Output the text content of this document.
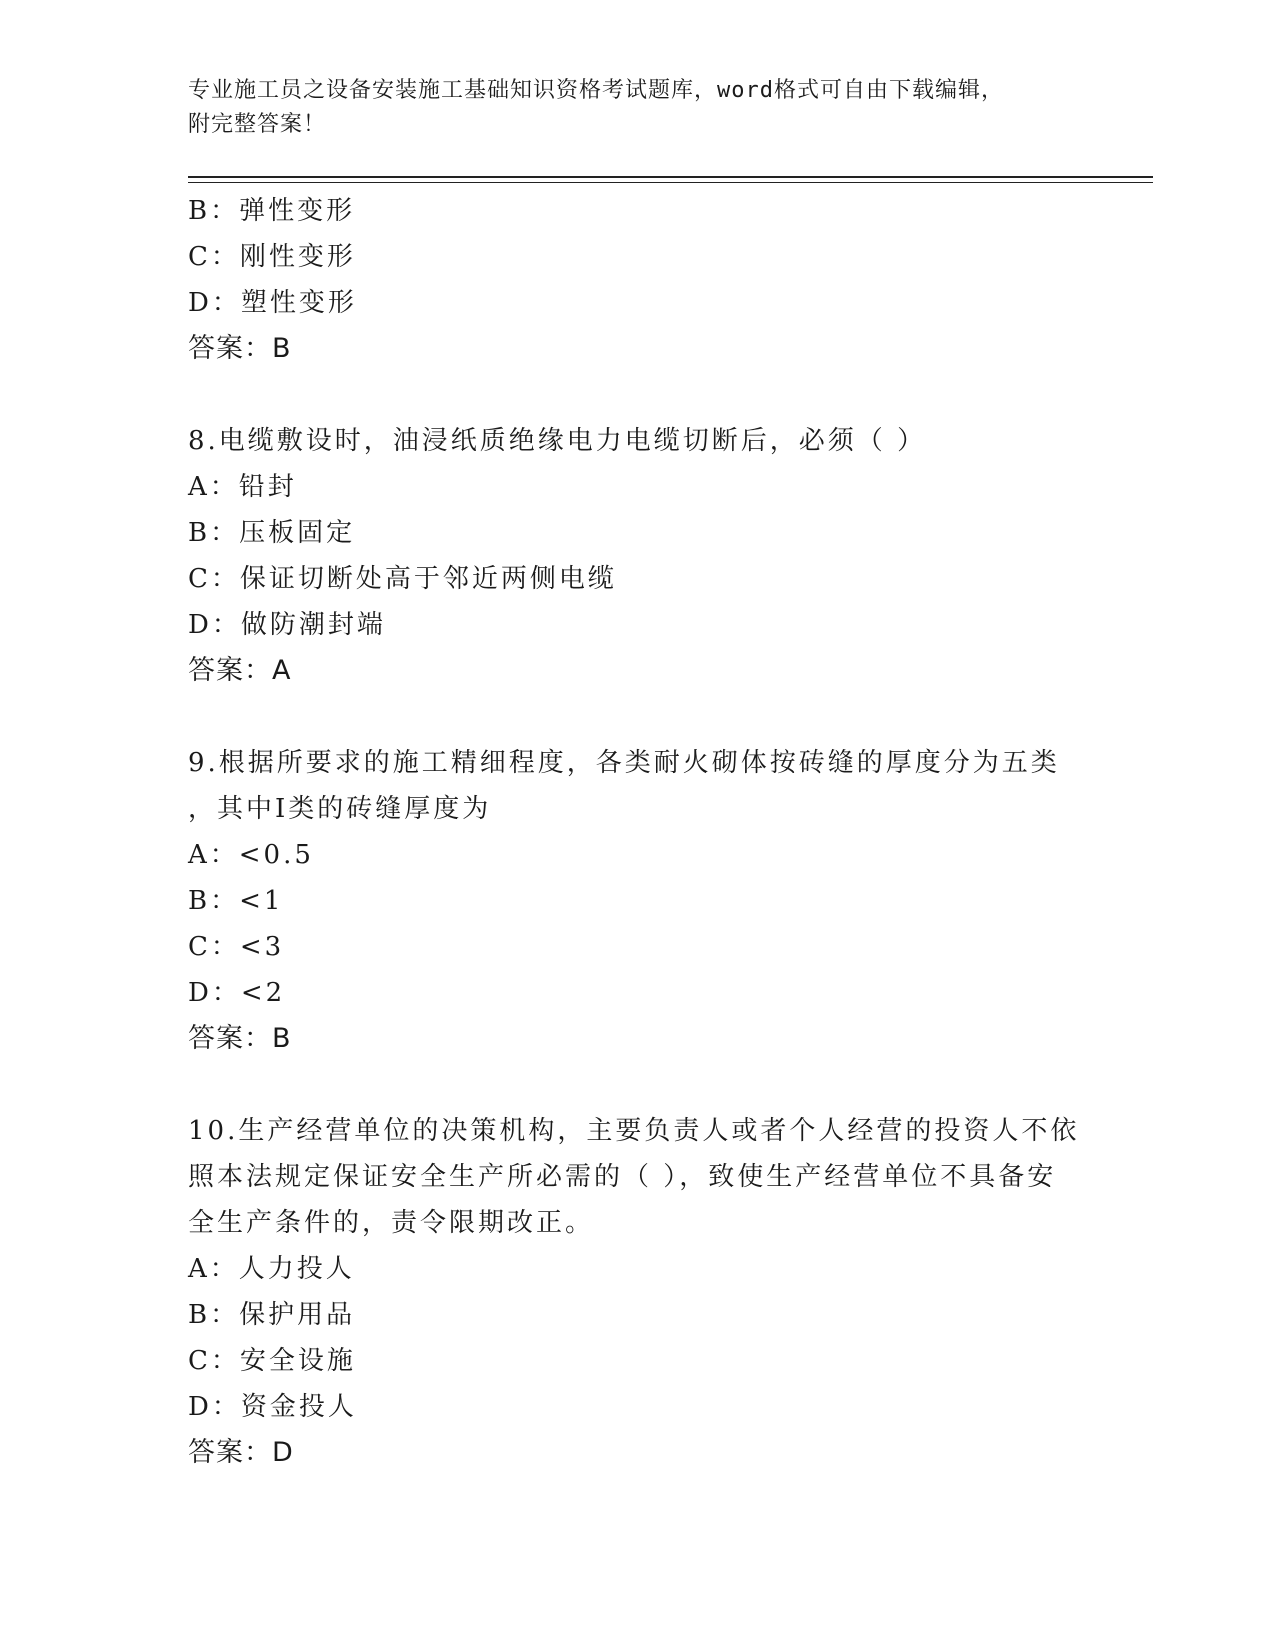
专业施工员之设备安装施工基础知识资格考试题库，word格式可自由下载编辑，
附完整答案！
B：弹性变形
C：刚性变形
D：塑性变形
答案：B
8.电缆敷设时，油浸纸质绝缘电力电缆切断后，必须（ ）
A：铅封
B：压板固定
C：保证切断处高于邻近两侧电缆
D：做防潮封端
答案：A
9.根据所要求的施工精细程度，各类耐火砌体按砖缝的厚度分为五类
，其中Ⅰ类的砖缝厚度为
A：<0.5
B：<1
C：<3
D：<2
答案：B
10.生产经营单位的决策机构，主要负责人或者个人经营的投资人不依
照本法规定保证安全生产所必需的（ ），致使生产经营单位不具备安
全生产条件的，责令限期改正。
A：人力投人
B：保护用品
C：安全设施
D：资金投人
答案：D
